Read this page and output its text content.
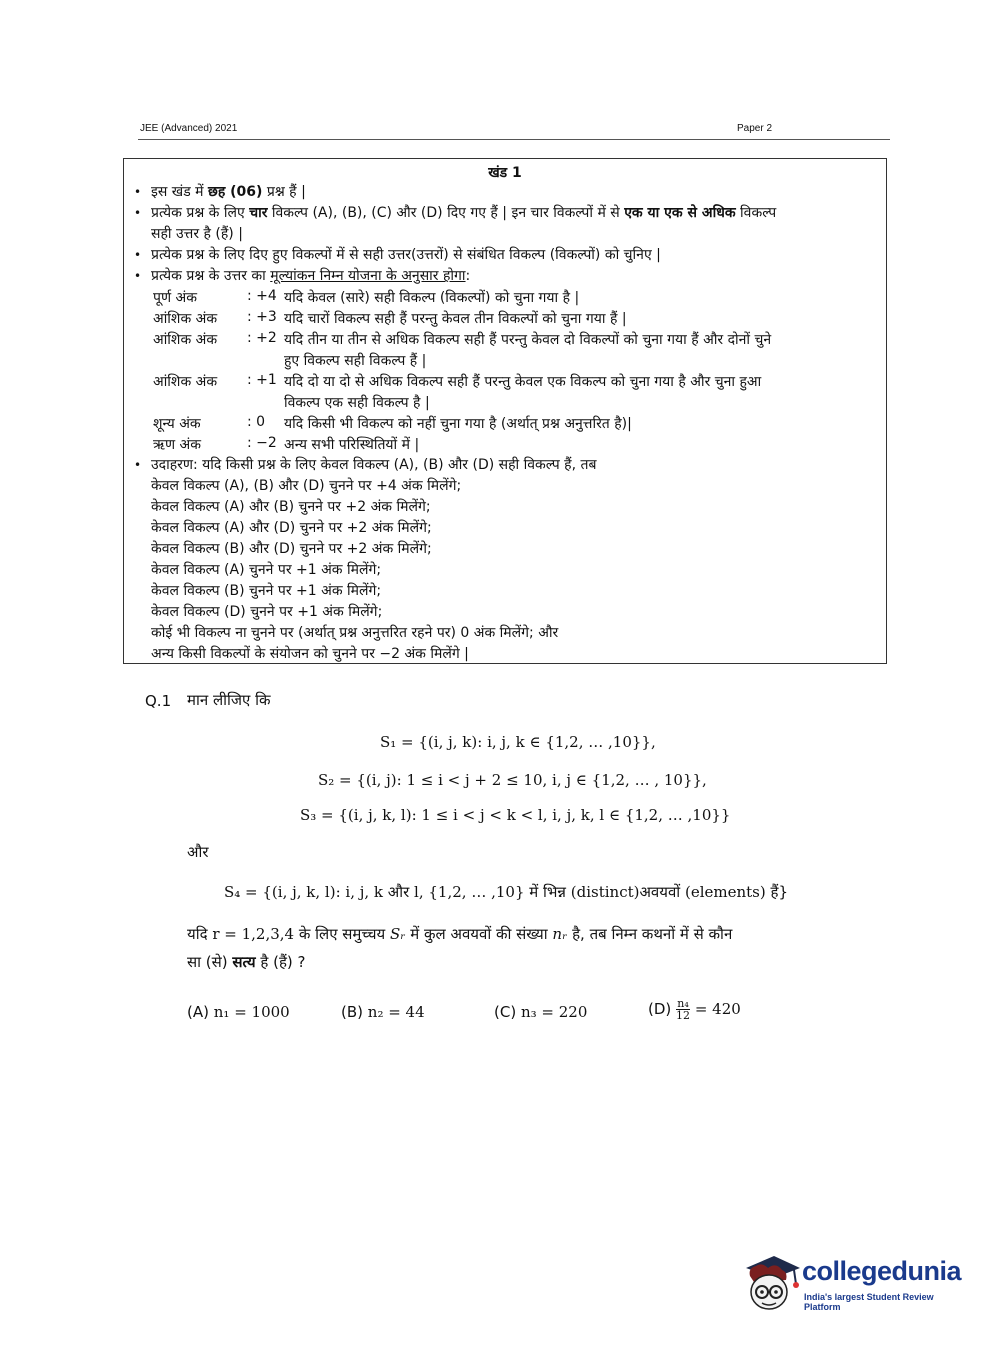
JEE (Advanced) 2021	Paper 2
खंड 1
• इस खंड में छह (06) प्रश्न हैं |
• प्रत्येक प्रश्न के लिए चार विकल्प (A), (B), (C) और (D) दिए गए हैं | इन चार विकल्पों में से एक या एक से अधिक विकल्प
सही उत्तर है (हैं) |
• प्रत्येक प्रश्न के लिए दिए हुए विकल्पों में से सही उत्तर(उत्तरों) से संबंधित विकल्प (विकल्पों) को चुनिए |
• प्रत्येक प्रश्न के उत्तर का मूल्यांकन निम्न योजना के अनुसार होगा:
पूर्ण अंक	: +4 यदि केवल (सारे) सही विकल्प (विकल्पों) को चुना गया है |
आंशिक अंक : +3 यदि चारों विकल्प सही हैं परन्तु केवल तीन विकल्पों को चुना गया हैं |
आंशिक अंक : +2 यदि तीन या तीन से अधिक विकल्प सही हैं परन्तु केवल दो विकल्पों को चुना गया हैं और दोनों चुने
हुए विकल्प सही विकल्प हैं |
आंशिक अंक : +1 यदि दो या दो से अधिक विकल्प सही हैं परन्तु केवल एक विकल्प को चुना गया है और चुना हुआ
विकल्प एक सही विकल्प है |
शून्य अंक	: 0 यदि किसी भी विकल्प को नहीं चुना गया है (अर्थात् प्रश्न अनुत्तरित है)|
ऋण अंक	: −2 अन्य सभी परिस्थितियों में |
• उदाहरण: यदि किसी प्रश्न के लिए केवल विकल्प (A), (B) और (D) सही विकल्प हैं, तब
केवल विकल्प (A), (B) और (D) चुनने पर +4 अंक मिलेंगे;
केवल विकल्प (A) और (B) चुनने पर +2 अंक मिलेंगे;
केवल विकल्प (A) और (D) चुनने पर +2 अंक मिलेंगे;
केवल विकल्प (B) और (D) चुनने पर +2 अंक मिलेंगे;
केवल विकल्प (A) चुनने पर +1 अंक मिलेंगे;
केवल विकल्प (B) चुनने पर +1 अंक मिलेंगे;
केवल विकल्प (D) चुनने पर +1 अंक मिलेंगे;
कोई भी विकल्प ना चुनने पर (अर्थात् प्रश्न अनुत्तरित रहने पर) 0 अंक मिलेंगे; और
अन्य किसी विकल्पों के संयोजन को चुनने पर −2 अंक मिलेंगे |
Q.1 मान लीजिए कि
S₁ = {(i, j, k): i, j, k ∈ {1,2, … ,10}},
S₂ = {(i, j): 1 ≤ i < j + 2 ≤ 10, i, j ∈ {1,2, … , 10}},
S₃ = {(i, j, k, l): 1 ≤ i < j < k < l, i, j, k, l ∈ {1,2, … ,10}}
और
S₄ = {(i, j, k, l): i, j, k और l, {1,2, … ,10} में भिन्न (distinct)अवयवों (elements) हैं}
यदि r = 1,2,3,4 के लिए समुच्चय Sᵣ में कुल अवयवों की संख्या nᵣ है, तब निम्न कथनों में से कौन
सा (से) सत्य है (हैं) ?
(A) n₁ = 1000	(B) n₂ = 44	(C) n₃ = 220	$(D) \frac{\text{n₄}}{12} = 420$
collegedunia
India's largest Student Review Platform
